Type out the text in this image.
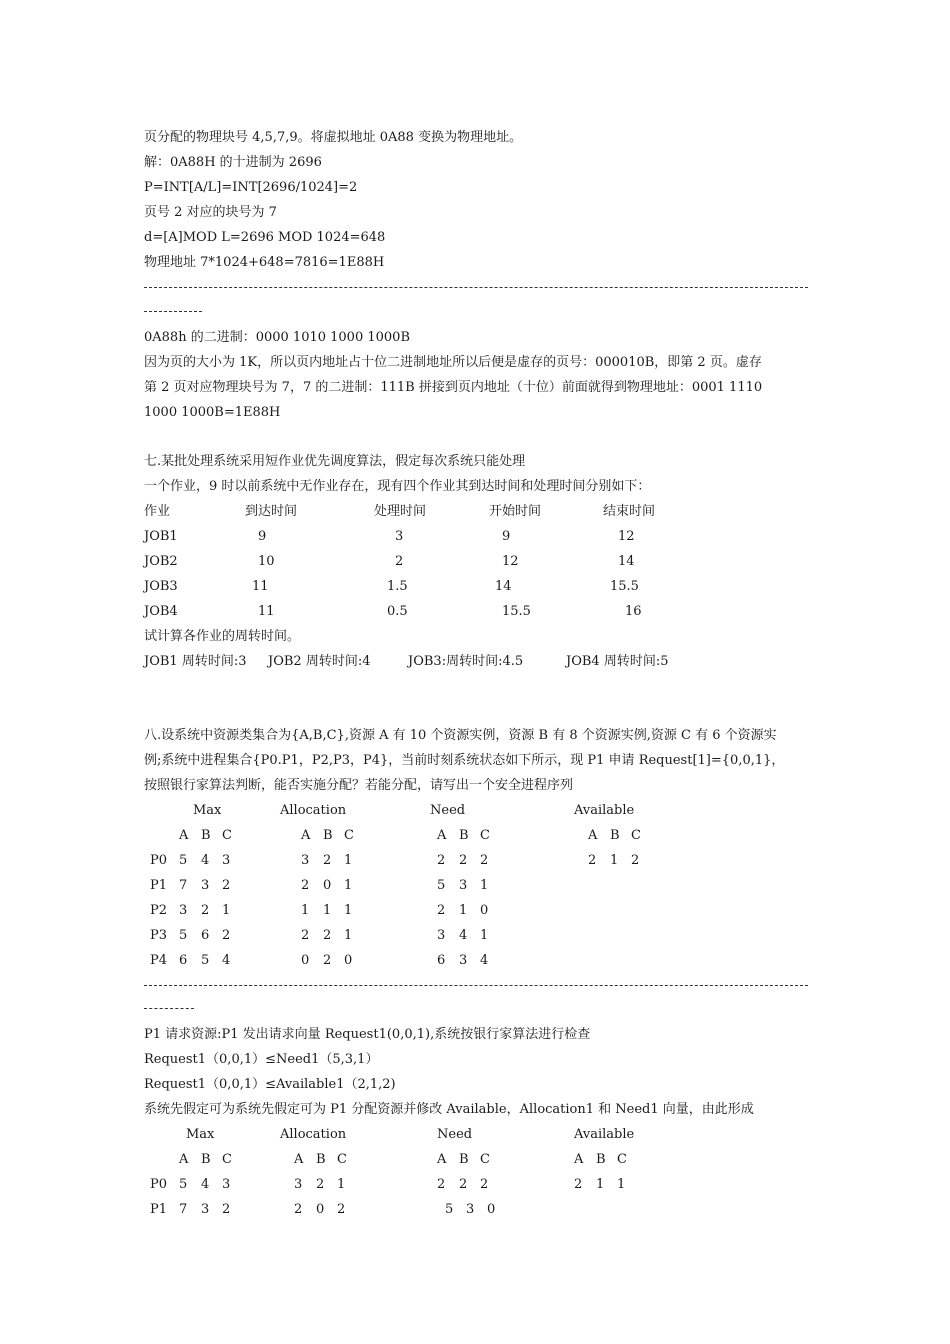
页分配的物理块号 4,5,7,9。将虚拟地址 0A88 变换为物理地址。
解：0A88H 的十进制为 2696
P=INT[A/L]=INT[2696/1024]=2
页号 2 对应的块号为 7
d=[A]MOD L=2696 MOD 1024=648
物理地址 7*1024+648=7816=1E88H
0A88h 的二进制：0000 1010 1000 1000B
因为页的大小为 1K，所以页内地址占十位二进制地址所以后便是虚存的页号：000010B，即第 2 页。虚存
第 2 页对应物理块号为 7，7 的二进制：111B 拼接到页内地址（十位）前面就得到物理地址：0001 1110
1000 1000B=1E88H
七.某批处理系统采用短作业优先调度算法，假定每次系统只能处理
一个作业，9 时以前系统中无作业存在，现有四个作业其到达时间和处理时间分别如下：
作业	到达时间	处理时间	开始时间	结束时间
JOB1	9	3	9	12
JOB2	10	2	12	14
JOB3	11	1.5	14	15.5
JOB4	11	0.5	15.5	16
试计算各作业的周转时间。
JOB1 周转时间:3 JOB2 周转时间:4	JOB3:周转时间:4.5	JOB4 周转时间:5
八.设系统中资源类集合为{A,B,C},资源 A 有 10 个资源实例，资源 B 有 8 个资源实例,资源 C 有 6 个资源实
例;系统中进程集合{P0.P1，P2,P3，P4}，当前时刻系统状态如下所示，现 P1 申请 Request[1]={0,0,1}，
按照银行家算法判断，能否实施分配？若能分配，请写出一个安全进程序列
Max	Allocation	Need	Available
A B C	A B C	A B C	A B C
P0 5 4 3	3 2 1	2 2 2	2 1 2
P1 7 3 2	2 0 1	5 3 1
P2 3 2 1	1 1 1	2 1 0
P3 5 6 2	2 2 1	3 4 1
P4 6 5 4	0 2 0	6 3 4
P1 请求资源:P1 发出请求向量 Request1(0,0,1),系统按银行家算法进行检查
Request1（0,0,1）≤Need1（5,3,1）
Request1（0,0,1）≤Available1（2,1,2)
系统先假定可为系统先假定可为 P1 分配资源并修改 Available，Allocation1 和 Need1 向量，由此形成
Max	Allocation	Need	Available
A B C	A B C	A B C	A B C
P0 5 4 3	3 2 1	2 2 2	2 1 1
P1 7 3 2	2 0 2	5 3 0
